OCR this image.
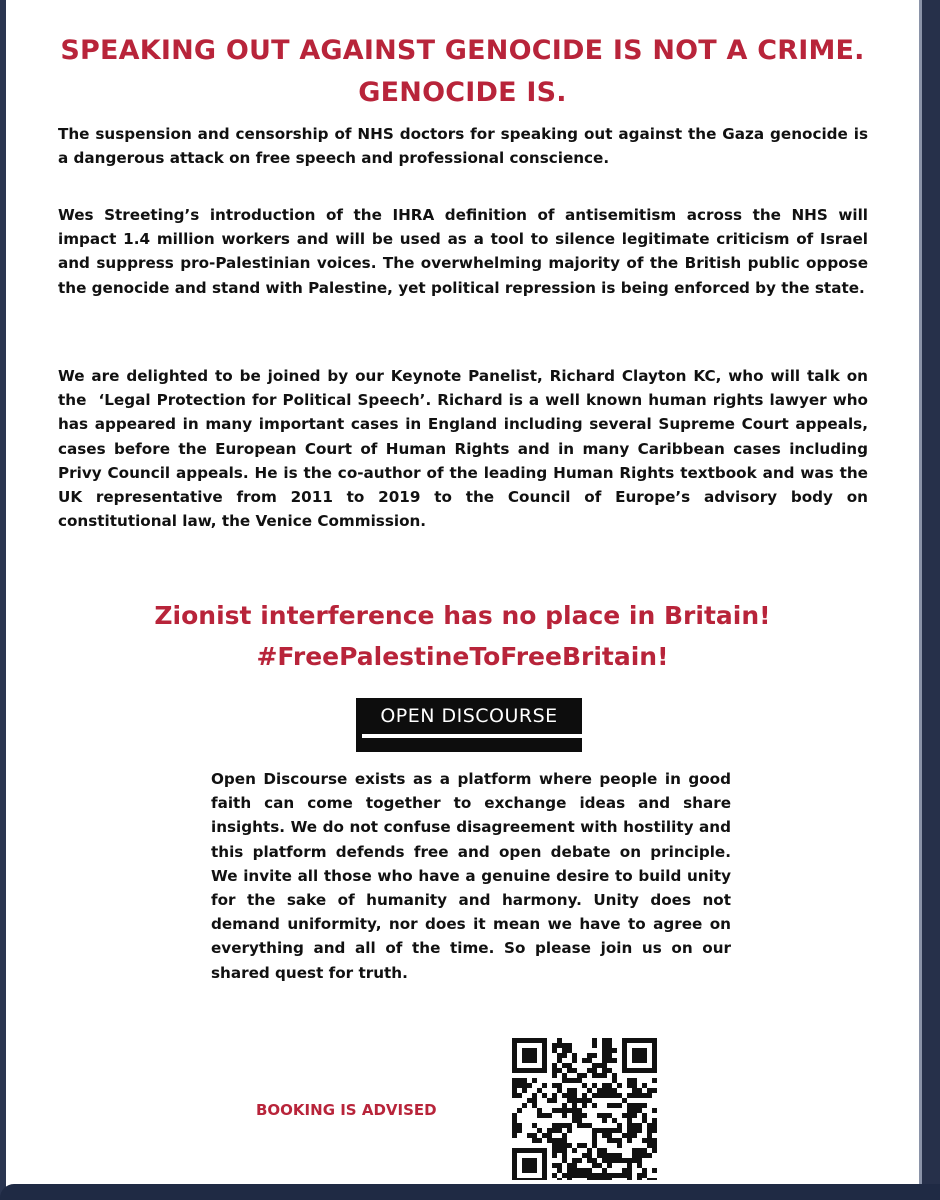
SPEAKING OUT AGAINST GENOCIDE IS NOT A CRIME.
GENOCIDE IS.

The suspension and censorship of NHS doctors for speaking out against the Gaza genocide is a dangerous attack on free speech and professional conscience.

Wes Streeting’s introduction of the IHRA definition of antisemitism across the NHS will impact 1.4 million workers and will be used as a tool to silence legitimate criticism of Israel and suppress pro-Palestinian voices. The overwhelming majority of the British public oppose the genocide and stand with Palestine, yet political repression is being enforced by the state.

We are delighted to be joined by our Keynote Panelist, Richard Clayton KC, who will talk on the  ‘Legal Protection for Political Speech’. Richard is a well known human rights lawyer who has appeared in many important cases in England including several Supreme Court appeals, cases before the European Court of Human Rights and in many Caribbean cases including Privy Council appeals. He is the co-author of the leading Human Rights textbook and was the UK representative from 2011 to 2019 to the Council of Europe’s advisory body on constitutional law, the Venice Commission.

Zionist interference has no place in Britain!
#FreePalestineToFreeBritain!
OPEN DISCOURSE

Open Discourse exists as a platform where people in good faith can come together to exchange ideas and share insights. We do not confuse disagreement with hostility and this platform defends free and open debate on principle. We invite all those who have a genuine desire to build unity for the sake of humanity and harmony. Unity does not demand uniformity, nor does it mean we have to agree on everything and all of the time. So please join us on our shared quest for truth.

BOOKING IS ADVISED
